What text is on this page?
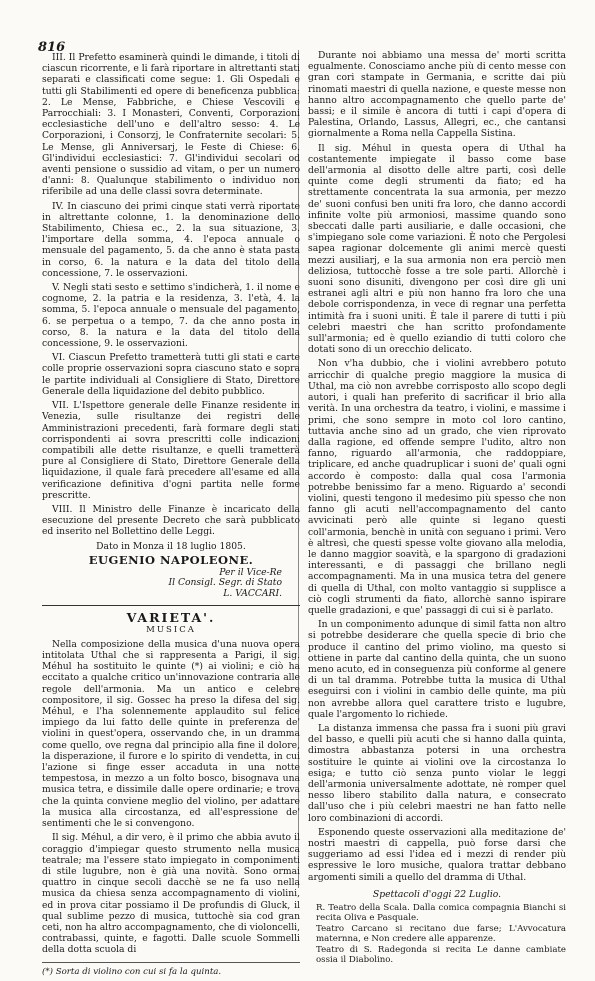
816

III. Il Prefetto esaminerà quindi le dimande, i titoli di ciascun ricorrente, e li farà riportare in altrettanti stati separati e classificati come segue: 1. Gli Ospedali e tutti gli Stabilimenti ed opere di beneficenza pubblica: 2. Le Mense, Fabbriche, e Chiese Vescovili e Parrocchiali: 3. I Monasteri, Conventi, Corporazioni ecclesiastiche dell'uno e dell'altro sesso: 4. Le Corporazioni, i Consorzj, le Confraternite secolari: 5. Le Mense, gli Anniversarj, le Feste di Chiese: 6. Gl'individui ecclesiastici: 7. Gl'individui secolari od aventi pensione o sussidio ad vitam, o per un numero d'anni: 8. Qualunque stabilimento o individuo non riferibile ad una delle classi sovra determinate.

IV. In ciascuno dei primi cinque stati verrà riportate in altrettante colonne, 1. la denominazione dello Stabilimento, Chiesa ec., 2. la sua situazione, 3. l'importare della somma, 4. l'epoca annuale o mensuale del pagamento, 5. da che anno è stata pasta in corso, 6. la natura e la data del titolo della concessione, 7. le osservazioni.

V. Negli stati sesto e settimo s'indicherà, 1. il nome e cognome, 2. la patria e la residenza, 3. l'età, 4. la somma, 5. l'epoca annuale o mensuale del pagamento, 6. se perpetua o a tempo, 7. da che anno posta in corso, 8. la natura e la data del titolo della concessione, 9. le osservazioni.

VI. Ciascun Prefetto trametterà tutti gli stati e carte colle proprie osservazioni sopra ciascuno stato e sopra le partite individuali al Consigliere di Stato, Direttore Generale della liquidazione del debito pubblico.

VII. L'Ispettore generale delle Finanze residente in Venezia, sulle risultanze dei registri delle Amministrazioni precedenti, farà formare degli stati corrispondenti ai sovra prescritti colle indicazioni compatibili alle dette risultanze, e quelli trametterà pure al Consigliere di Stato, Direttore Generale della liquidazione, il quale farà precedere all'esame ed alla verificazione definitiva d'ogni partita nelle forme prescritte.

VIII. Il Ministro delle Finanze è incaricato della esecuzione del presente Decreto che sarà pubblicato ed inserito nel Bollettino delle Leggi.

Dato in Monza il 18 luglio 1805.

EUGENIO NAPOLEONE.

Per il Vice-Re

Il Consigl. Segr. di Stato

L. VACCARI.

VARIETA'.

MUSICA

Nella composizione della musica d'una nuova opera intitolata Uthal che si rappresenta a Parigi, il sig. Méhul ha sostituito le quinte (*) ai violini; e ciò ha eccitato a qualche critico un'innovazione contraria alle regole dell'armonia. Ma un antico e celebre compositore, il sig. Gossec ha preso la difesa del sig. Méhul, e l'ha solennemente applaudito sul felice impiego da lui fatto delle quinte in preferenza de' violini in quest'opera, osservando che, in un dramma come quello, ove regna dal principio alla fine il dolore, la disperazione, il furore e lo spirito di vendetta, in cui l'azione si finge esser accaduta in una notte tempestosa, in mezzo a un folto bosco, bisognava una musica tetra, e dissimile dalle opere ordinarie; e trova che la quinta conviene meglio del violino, per adattare la musica alla circostanza, ed all'espressione de' sentimenti che le si convengono.

Il sig. Méhul, a dir vero, è il primo che abbia avuto il coraggio d'impiegar questo strumento nella musica teatrale; ma l'essere stato impiegato in componimenti di stile lugubre, non è già una novità. Sono ormai quattro in cinque secoli dacchè se ne fa uso nella musica da chiesa senza accompagnamento di violini, ed in prova citar possiamo il De profundis di Gluck, il qual sublime pezzo di musica, tuttochè sia cod gran ceti, non ha altro accompagnamento, che di violoncelli, contrabassi, quinte, e fagotti. Dalle scuole Sommelli della dotta scuola di

(*) Sorta di violino con cui si fa la quinta.

Durante noi abbiamo una messa de' morti scritta egualmente. Conosciamo anche più di cento messe con gran cori stampate in Germania, e scritte dai più rinomati maestri di quella nazione, e queste messe non hanno altro accompagnamento che quello parte de' bassi; e il simile è ancora di tutti i capi d'opera di Palestina, Orlando, Lassus, Allegri, ec., che cantansi giornalmente a Roma nella Cappella Sistina.

Il sig. Méhul in questa opera di Uthal ha costantemente impiegate il basso come base dell'armonia al disotto delle altre parti, così delle quinte come degli strumenti da fiato; ed ha strettamente concentrata la sua armonia, per mezzo de' suoni confusi ben uniti fra loro, che danno accordi infinite volte più armoniosi, massime quando sono sbeccati dalle parti ausiliarie, e dalle occasioni, che s'impiegano sole come variazioni. È noto che Pergolesi sapea ragionar dolcemente gli animi mercè questi mezzi ausiliarj, e la sua armonia non era perciò men deliziosa, tuttocchè fosse a tre sole parti. Allorchè i suoni sono disuniti, divengono per così dire gli uni estranei agli altri e più non hanno fra loro che una debole corrispondenza, in vece di regnar una perfetta intimità fra i suoni uniti. È tale il parere di tutti i più celebri maestri che han scritto profondamente sull'armonia; ed è quello eziandio di tutti coloro che dotati sono di un orecchio delicato.

Non v'ha dubbio, che i violini avrebbero potuto arricchir di qualche pregio maggiore la musica di Uthal, ma ciò non avrebbe corrisposto allo scopo degli autori, i quali han preferito di sacrificar il brio alla verità. In una orchestra da teatro, i violini, e massime i primi, che sono sempre in moto col loro cantino, tuttavia anche sino ad un grado, che vien riprovato dalla ragione, ed offende sempre l'udito, altro non fanno, riguardo all'armonia, che raddoppiare, triplicare, ed anche quadruplicar i suoni de' quali ogni accordo è composto: dalla qual cosa l'armonia potrebbe benissimo far a meno. Riguardo a' secondi violini, questi tengono il medesimo più spesso che non fanno gli acuti nell'accompagnamento del canto avvicinati però alle quinte si legano questi coll'armonia, benchè in unità con seguano i primi. Vero è altresì, che questi spesse volte giovano alla melodia, le danno maggior soavità, e la spargono di gradazioni interessanti, e di passaggi che brillano negli accompagnamenti. Ma in una musica tetra del genere di quella di Uthal, con molto vantaggio si supplisce a ciò cogli strumenti da fiato, allorchè sanno ispirare quelle gradazioni, e que' passaggi di cui si è parlato.

In un componimento adunque di simil fatta non altro si potrebbe desiderare che quella specie di brio che produce il cantino del primo violino, ma questo si ottiene in parte dal cantino della quinta, che un suono meno acuto, ed in conseguenza più conforme al genere di un tal dramma. Potrebbe tutta la musica di Uthal eseguirsi con i violini in cambio delle quinte, ma più non avrebbe allora quel carattere tristo e lugubre, quale l'argomento lo richiede.

La distanza immensa che passa fra i suoni più gravi del basso, e quelli più acuti che si hanno dalla quinta, dimostra abbastanza potersi in una orchestra sostituire le quinte ai violini ove la circostanza lo esiga; e tutto ciò senza punto violar le leggi dell'armonia universalmente adottate, nè romper quel nesso libero stabilito dalla natura, e consecrato dall'uso che i più celebri maestri ne han fatto nelle loro combinazioni di accordi.

Esponendo queste osservazioni alla meditazione de' nostri maestri di cappella, può forse darsi che suggeriamo ad essi l'idea ed i mezzi di render più espressive le loro musiche, qualora trattar debbano argomenti simili a quello del dramma di Uthal.

Spettacoli d'oggi 22 Luglio.

R. Teatro della Scala. Dalla comica compagnia Bianchi si recita Oliva e Pasquale.

Teatro Carcano si recitano due farse; L'Avvocatura maternna, e Non credere alle apparenze.

Teatro di S. Radegonda si recita Le danne cambiate ossia il Diabolino.
